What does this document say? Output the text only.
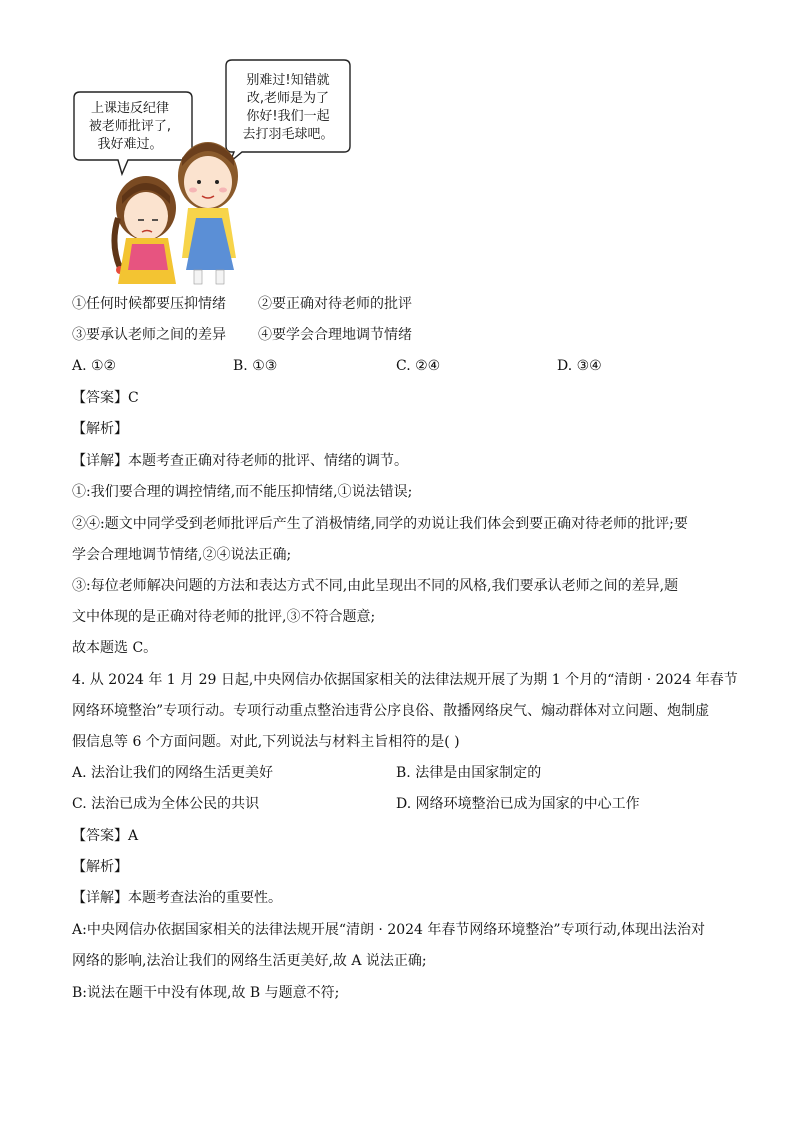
上课违反纪律
被老师批评了,
我好难过。
别难过!知错就
改,老师是为了
你好!我们一起
去打羽毛球吧。
①任何时候都要压抑情绪 ②要正确对待老师的批评
③要承认老师之间的差异 ④要学会合理地调节情绪
A. ①②	B. ①③	C. ②④	D. ③④
【答案】C
【解析】
【详解】本题考查正确对待老师的批评、情绪的调节。
①:我们要合理的调控情绪,而不能压抑情绪,①说法错误;
②④:题文中同学受到老师批评后产生了消极情绪,同学的劝说让我们体会到要正确对待老师的批评;要
学会合理地调节情绪,②④说法正确;
③:每位老师解决问题的方法和表达方式不同,由此呈现出不同的风格,我们要承认老师之间的差异,题
文中体现的是正确对待老师的批评,③不符合题意;
故本题选 C。
4. 从 2024 年 1 月 29 日起,中央网信办依据国家相关的法律法规开展了为期 1 个月的“清朗 · 2024 年春节
网络环境整治”专项行动。专项行动重点整治违背公序良俗、散播网络戾气、煽动群体对立问题、炮制虚
假信息等 6 个方面问题。对此,下列说法与材料主旨相符的是( )
A. 法治让我们的网络生活更美好	B. 法律是由国家制定的
C. 法治已成为全体公民的共识	D. 网络环境整治已成为国家的中心工作
【答案】A
【解析】
【详解】本题考查法治的重要性。
A:中央网信办依据国家相关的法律法规开展“清朗 · 2024 年春节网络环境整治”专项行动,体现出法治对
网络的影响,法治让我们的网络生活更美好,故 A 说法正确;
B:说法在题干中没有体现,故 B 与题意不符;
